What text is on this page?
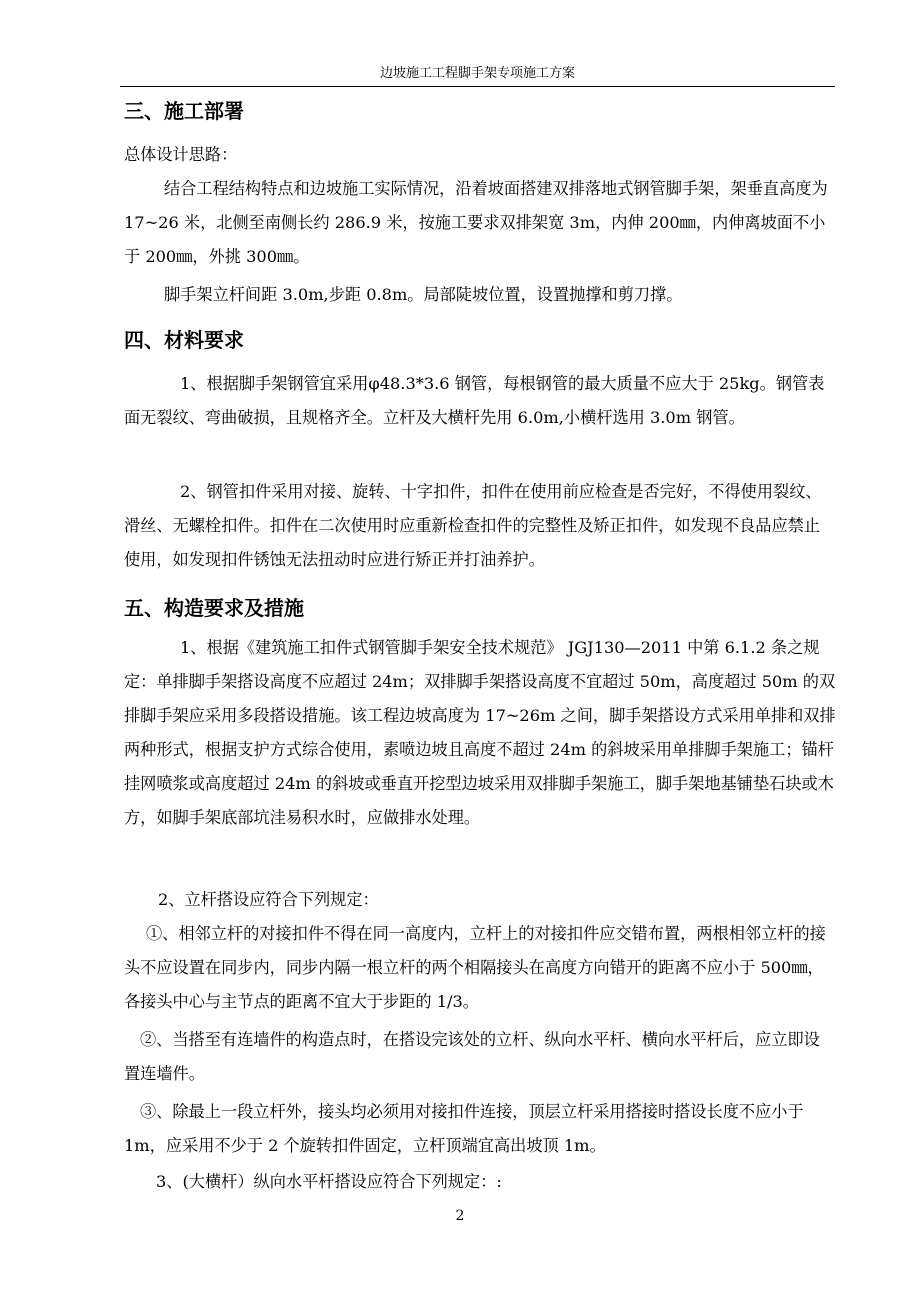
边坡施工工程脚手架专项施工方案
三、施工部署
总体设计思路：
结合工程结构特点和边坡施工实际情况，沿着坡面搭建双排落地式钢管脚手架，架垂直高度为 17~26 米，北侧至南侧长约 286.9 米，按施工要求双排架宽 3m，内伸 200㎜，内伸离坡面不小于 200㎜，外挑 300㎜。
脚手架立杆间距 3.0m,步距 0.8m。局部陡坡位置，设置抛撑和剪刀撑。
四、材料要求
1、根据脚手架钢管宜采用φ48.3*3.6 钢管，每根钢管的最大质量不应大于 25kg。钢管表面无裂纹、弯曲破损，且规格齐全。立杆及大横杆先用 6.0m,小横杆选用 3.0m 钢管。
2、钢管扣件采用对接、旋转、十字扣件，扣件在使用前应检查是否完好，不得使用裂纹、滑丝、无螺栓扣件。扣件在二次使用时应重新检查扣件的完整性及矫正扣件，如发现不良品应禁止使用，如发现扣件锈蚀无法扭动时应进行矫正并打油养护。
五、构造要求及措施
1、根据《建筑施工扣件式钢管脚手架安全技术规范》 JGJ130—2011 中第 6.1.2 条之规定：单排脚手架搭设高度不应超过 24m；双排脚手架搭设高度不宜超过 50m，高度超过 50m 的双排脚手架应采用多段搭设措施。该工程边坡高度为 17~26m 之间，脚手架搭设方式采用单排和双排两种形式，根据支护方式综合使用，素喷边坡且高度不超过 24m 的斜坡采用单排脚手架施工；锚杆挂网喷浆或高度超过 24m 的斜坡或垂直开挖型边坡采用双排脚手架施工，脚手架地基铺垫石块或木方，如脚手架底部坑洼易积水时，应做排水处理。
2、立杆搭设应符合下列规定：
①、相邻立杆的对接扣件不得在同一高度内，立杆上的对接扣件应交错布置，两根相邻立杆的接头不应设置在同步内，同步内隔一根立杆的两个相隔接头在高度方向错开的距离不应小于 500㎜，各接头中心与主节点的距离不宜大于步距的 1/3。
②、当搭至有连墙件的构造点时，在搭设完该处的立杆、纵向水平杆、横向水平杆后，应立即设置连墙件。
③、除最上一段立杆外，接头均必须用对接扣件连接，顶层立杆采用搭接时搭设长度不应小于 1m，应采用不少于 2 个旋转扣件固定，立杆顶端宜高出坡顶 1m。
3、(大横杆）纵向水平杆搭设应符合下列规定：:
2
